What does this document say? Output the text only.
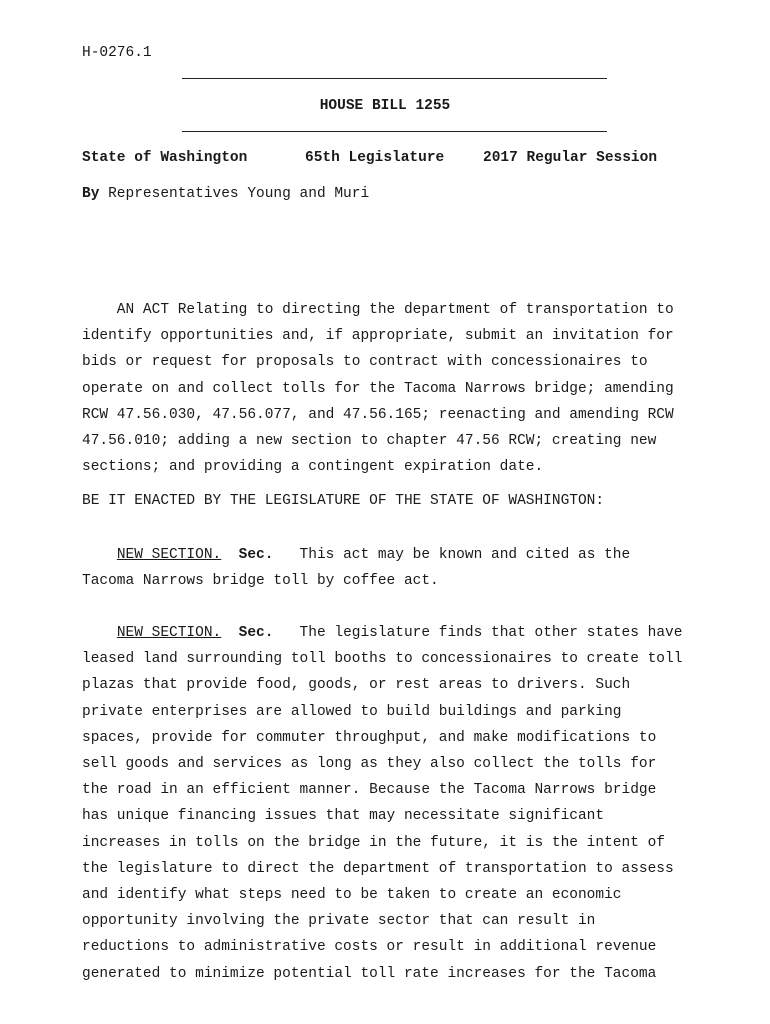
H-0276.1
HOUSE BILL 1255
State of Washington	65th Legislature	2017 Regular Session
By Representatives Young and Muri
AN ACT Relating to directing the department of transportation to
identify opportunities and, if appropriate, submit an invitation for
bids or request for proposals to contract with concessionaires to
operate on and collect tolls for the Tacoma Narrows bridge; amending
RCW 47.56.030, 47.56.077, and 47.56.165; reenacting and amending RCW
47.56.010; adding a new section to chapter 47.56 RCW; creating new
sections; and providing a contingent expiration date.
BE IT ENACTED BY THE LEGISLATURE OF THE STATE OF WASHINGTON:
NEW SECTION. Sec.   This act may be known and cited as the
Tacoma Narrows bridge toll by coffee act.
NEW SECTION. Sec.   The legislature finds that other states have
leased land surrounding toll booths to concessionaires to create toll
plazas that provide food, goods, or rest areas to drivers. Such
private enterprises are allowed to build buildings and parking
spaces, provide for commuter throughput, and make modifications to
sell goods and services as long as they also collect the tolls for
the road in an efficient manner. Because the Tacoma Narrows bridge
has unique financing issues that may necessitate significant
increases in tolls on the bridge in the future, it is the intent of
the legislature to direct the department of transportation to assess
and identify what steps need to be taken to create an economic
opportunity involving the private sector that can result in
reductions to administrative costs or result in additional revenue
generated to minimize potential toll rate increases for the Tacoma
